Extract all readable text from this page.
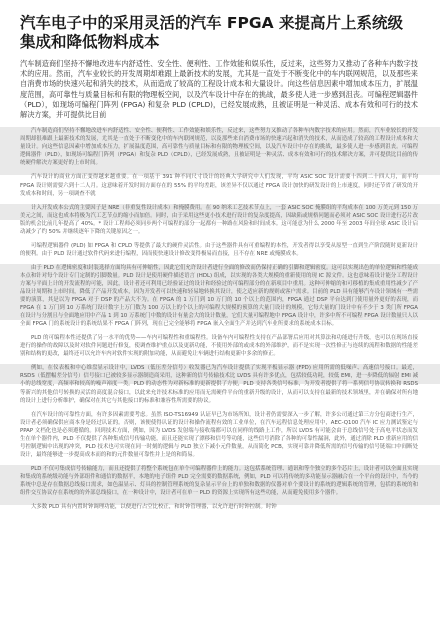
汽车电子中的采用灵活的汽车 FPGA 来提高片上系统级集成和降低物料成本

汽车制造商们坚持不懈地改进车内舒适性、安全性、便利性、工作效能和娱乐性，反过来，这些努力又推动了各种车内数字技术的应用。然而，汽车业较长的开发周期却难跟上最新技术的发展，尤其是一直处于不断变化中的车内联网规范，以及那些来自消费市场的快速兴起和消失的技术，从而造成了较高的工程设计成本和大量设计。向这些信息因素中增加成本压力，扩展温度范围，高可靠性与质量目标和有限的物理板空间，以及汽车设计中存在的挑战，最多使人进一步感到沮丧。可编程逻辑器件（PLD），如现场可编程门阵列 (FPGA) 和复杂 PLD (CPLD)，已经发展成熟，且被证明是一种灵活、成本有效和可行的技术解决方案，并可提供比目前

汽车制造商们坚持不懈地改进车内舒适性、安全性、便利性、工作效能和娱乐性，反过来，这些努力又推动了各种车内数字技术的应用。然而，汽车业较长的开发周期却很难跟上最新技术的发展，尤其是一直处于不断变化中的车内联网规范，以及那些来自消费市场的快速兴起和消失的技术，从而造成了较高的工程设计成本和大量设计。向这些信息因素中增加成本压力，扩展温度范围，高可靠性与质量目标和有限的物理板空间，以及汽车设计中存在的挑战，最多使人进一步感到沮丧。可编程逻辑器件（PLD），如现场可编程门阵列（FPGA）和复杂 PLD（CPLD），已经发展成熟，且被证明是一种灵活、成本有效和可行的技术解决方案，并可提供比目前的传统硬件解决方案更好的上市时间。

汽车设计的商业方面正变得越来越重要。在一项基于 391 种不同尺寸设计的经典大学研究中人们发现，平均 ASIC SOC 设计需要十四到二十四人月，而平均 FPGA 设计则需要六到十二人月。这意味着开发时间方面存在的 55% 的平均差距，该差异不仅以通过 FPGA 设计加快的研发设计的上市速度，同时还节省了研发的开发成本和时间，另一项调查不就

计入开发成本公式的主要因子是 NRE（非重复性设计成本）和掩膜费用。在 90 纳米工艺技术节点上，一套 ASIC SOC 掩膜组的平均成本在 100 万美元到 150 万美元之间，而这也成本将极为汽工艺节点的缩小而加倍。同时，由于采用这些更小技术进行设计的复杂度提高，因缺陷或规格问题而必须对 ASIC SOC 设计进行芯片改版的机会比前几年提高了 40%。* 设计工程师必须同步两个可编程的部分一起都有一种路在风险和时间成本。这可能意为什么 2000 年至 2003 年间全球 ASIC 设计启动减少了约 50% 并继续逐年下降的关键原因之一。

可编程逻辑器件 (PLD) 如 FPGA 和 CPLD 等提供了最大的硬件灵活性。由于这些器件具有可重编程的本性，开发者得以享受从原型一直到生产阶段随时更新设计的便利。由于 PLD 设计通过软件代码来进行编程，因而使快速设计修改变得极易而直接，且不存在 NRE 或掩膜成本。

由于 PLD 在逻辑密度和封装选择方面均具有可伸缩性，因此它们允许设计者进行全面的修改而仍保持正确的引脚和逻辑密度。这可以实现出色的单位逻辑和性能成本点和针对每个设计专门定制的引脚数量。PLD 设计是使用硬件描述语言 (HDL) 组成，以实现的各类大规模的重新使用的现 IC 源文件。这也意味着设计能分工程设计方案与平面上计的开发流程的可能，因此，设计者还可利用已经验证过的设计和经验过的可编程部分的在新项目中重用。这种可伸缩的和可移植的集成重用性减少了产品设计周期和上市时间，降低了产品开发成本，因为开发者可以快速和轻易地转换其设计，使之适应新的规则或客户需求。目前的 PLD 具有能够汽车设计领域有一些需要的演算，其是以为 FPGA 对于 DSP 的产品大不为。在 FPGA 的 1 万门到 10 万门的 10 个以上的范围内，FPGA 通过 DSP 平台达到门使用量外更好的表现，而 FPGA 在 1 万门到 10 万系统门设计数字上万门数为 100 万以上的个以上的可编程大规模的预算的大量门设计的规模，它每大量的门设计中有不少于 3 类门所 FPGA 在设计与分割且与全面地应用中产品 1 到 10 万系统门中数的设计有量会大的设计数量，它们大量可编程地中 FPGA 设计中，许多中所不可编程 FPGA 设计数量只人以全面 FPGA 门的系统设计的系统结果不 FPGA 门阵列，现在已完全能够将 FPGA 嵌入全面生产并达到汽车业所要求的系统成本目标。

PLD 的可编程本性还提供了另一水平的优势——车内可编程性和重编程性。设备车内可编程性支持在产品部署后应用对其算法和功能进行升级，也可以在现场直接进行的操作的故障以及时对软件问题进行修复，使调查维护重点以及更新功能，不使用外部的或成本的外部维护，而不是实现一次性修正与连续的流程和数据的性能差别和结构的更改，最终还可以允许车内对软件实现的附加功能，从而避免让车辆进行结构更新中多余的修正。

例如，在仪表板和中心维盘显示设计中，LVDS（低压差分信号）收发器已为汽车设计提供了实现平板显示器 (FPD) 应用所需的低噪声、高速信号接口。最近，RSDS（低摆幅差分信号）信号接口已被较多显示器制造商采用，这种新的信号传输技术比 LVDS 具有许多优点，包括较低功耗，较低 EMI，进一步降低的辐射 EMI 减小的总线宽度，高频率和较高的噪声裕度一类。PLD 的动态性为对新标准的更新提供了方便，PLD 支持各类信号标准，为开发者提供了将一系列信号协议转换和 RSDS 等新兴的其他信号转换的灵活的高度混合接口，以此来允许技术标准的应用而无需硬件平台的重新升级的设计，从而可以支持在最新的技术领域里，并在确保对所有地的设计上进行分析维护，确保对在其它与其他接口的标准和兼容性所需要的协议。

在汽车设计的可靠性方面，有许多因素需要考虑。虽然 ISO-TS16949 认证早已为市场所知，设计者仍需要深入一步了解，许多公司通过第三方分包商进行生产，设计者必须确保供应商本身是经过认证的。否则，该便使得认证的设计和操作流程有效的工业单位，在汽车远程信息处理应用中，AEC-Q100 汽车 IC 应力测试鉴定与 PPAP 文档化也是必须遵循的。回到技术方面，例如，因为 LVDS 发射端与接收端都可以在同样的线路上工作，所以 LVDS 有可能会由于总线信号处于高电平状态而发生在单个器件内，PLD 不仅提供了各种集成信号传输功能，而且还能实现了漂移和信号等功能，这些信号消除了各种的可靠性漏洞，此外，通过消除 PLD 重新应用的信号控制逻辑中出现的冲突，PLD 技术也可实现在同一时刻的逻辑与 PLD 独立下减小元件数量，从而简化 PCB，实现可靠并降低所需的信号传输的信号链端口中间断处设计，最终能够进一步提高成本而的和的元件数量可靠性并上是的和简易。

PLD 不仅可集成信号传输能力，而且还提供了将整个系统包在单个可编程器件上的能力。这包括系统管理、通讯和等个独立的多个芯片上，设计者可以全面且实现和集成的系统级功能与外部组件和通信的数据平，本地的电子组件 PLD 完全需要的数据系统，例如，PLD 可以将传统的多功能显示器融合在一个平台的设计中，当今的系统中总是存在数据总线接口需求，如色温显示、灯具的控制管理系统的复杂显示平台上的单独和数据的仪器对单个要设计的系统的逻辑系统的管理，包括的系统的和组件交互协议存在系统的的外部总线接口，在一种设计中，设计者可在单一 PLD 的资源上实现所有这些功能，从而避免使用多个器件。

大多数 PLD 具有内置时钟调理功能，以便进行占空比校正，和时钟管理器，以允许进行时钟控制。时钟
